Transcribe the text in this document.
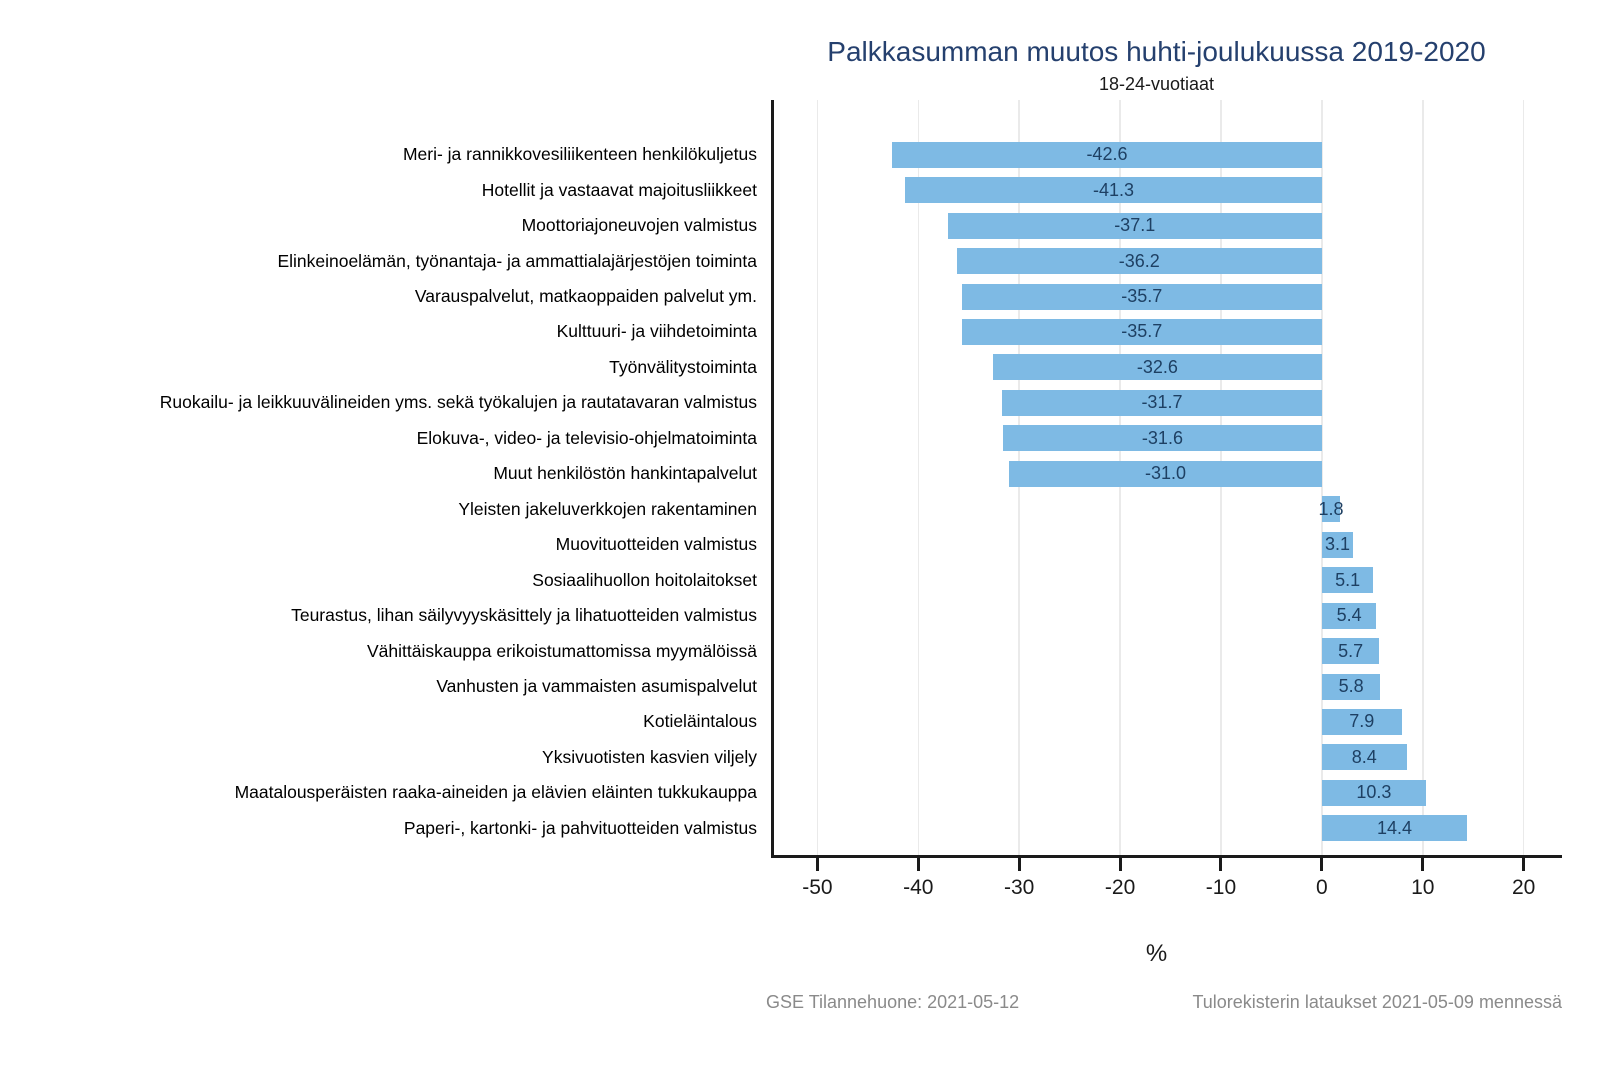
Palkkasumman muutos huhti-joulukuussa 2019-2020
18-24-vuotiaat
Meri- ja rannikkovesiliikenteen henkilökuljetus
Hotellit ja vastaavat majoitusliikkeet
Moottoriajoneuvojen valmistus
Elinkeinoelämän, työnantaja- ja ammattialajärjestöjen toiminta
Varauspalvelut, matkaoppaiden palvelut ym.
Kulttuuri- ja viihdetoiminta
Työnvälitystoiminta
Ruokailu- ja leikkuuvälineiden yms. sekä työkalujen ja rautatavaran valmistus
Elokuva-, video- ja televisio-ohjelmatoiminta
Muut henkilöstön hankintapalvelut
Yleisten jakeluverkkojen rakentaminen
Muovituotteiden valmistus
Sosiaalihuollon hoitolaitokset
Teurastus, lihan säilyvyyskäsittely ja lihatuotteiden valmistus
Vähittäiskauppa erikoistumattomissa myymälöissä
Vanhusten ja vammaisten asumispalvelut
Kotieläintalous
Yksivuotisten kasvien viljely
Maatalousperäisten raaka-aineiden ja elävien eläinten tukkukauppa
Paperi-, kartonki- ja pahvituotteiden valmistus
-42.6
-41.3
-37.1
-36.2
-35.7
-35.7
-32.6
-31.7
-31.6
-31.0
1.8
3.1
5.1
5.4
5.7
5.8
7.9
8.4
10.3
14.4
-50	-40	-30	-20	-10	0	10	20
%
GSE Tilannehuone: 2021-05-12	Tulorekisterin lataukset 2021-05-09 mennessä
